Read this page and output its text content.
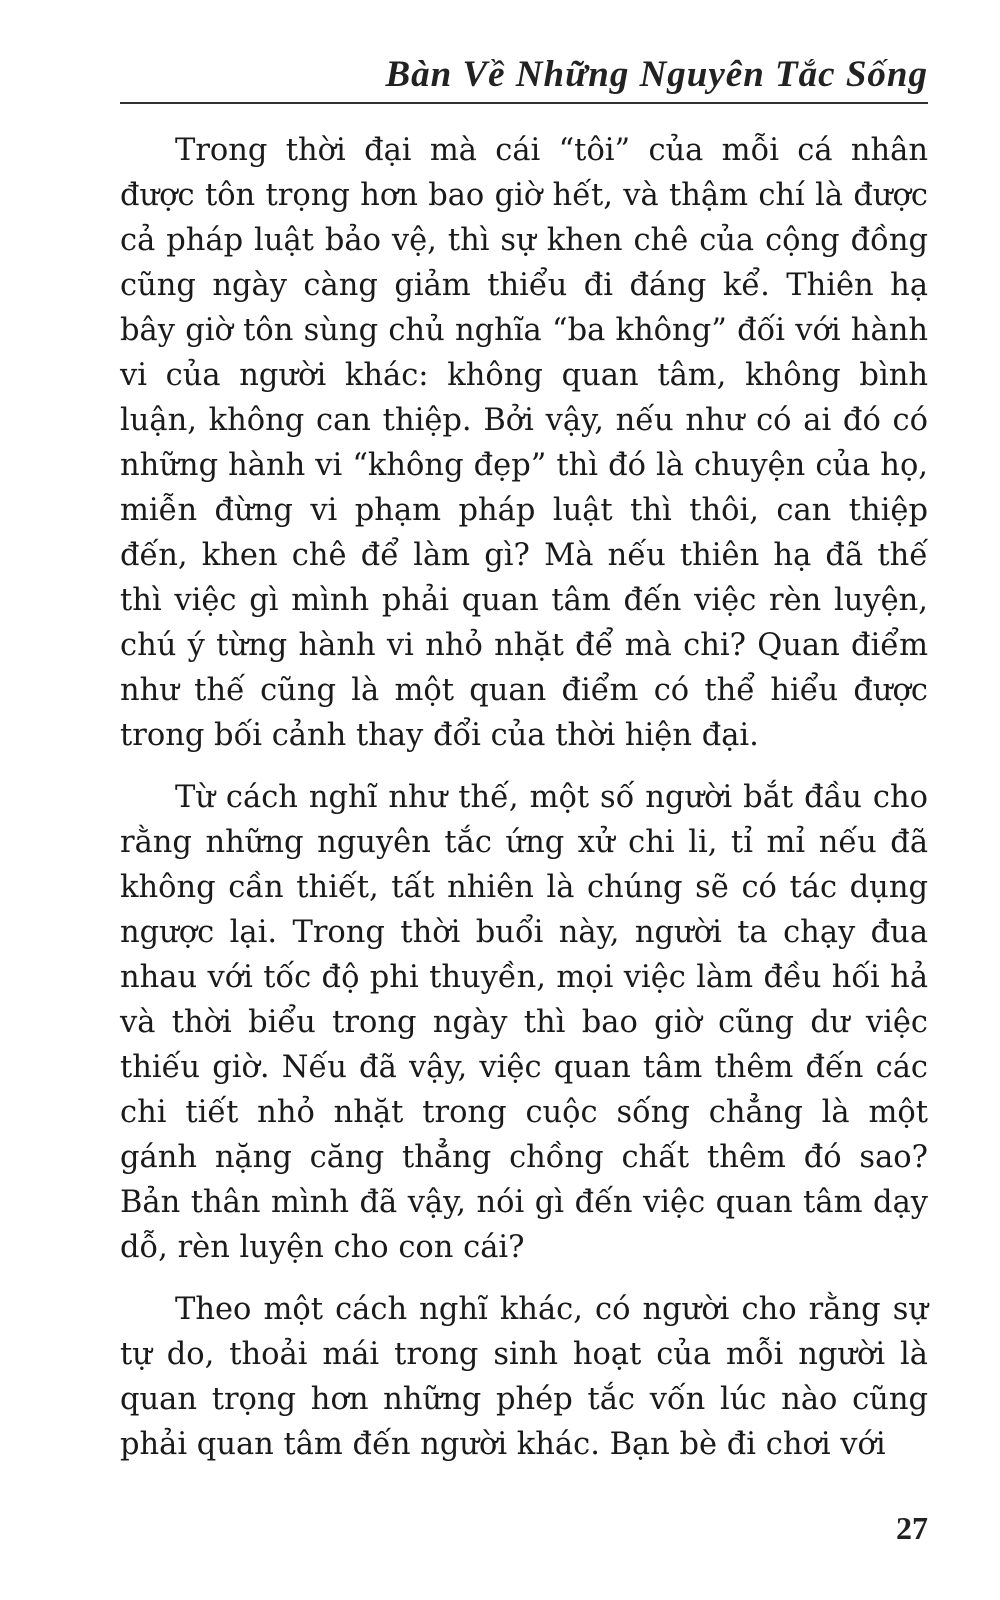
Bàn Về Những Nguyên Tắc Sống

Trong thời đại mà cái “tôi” của mỗi cá nhân được tôn trọng hơn bao giờ hết, và thậm chí là được cả pháp luật bảo vệ, thì sự khen chê của cộng đồng cũng ngày càng giảm thiểu đi đáng kể. Thiên hạ bây giờ tôn sùng chủ nghĩa “ba không” đối với hành vi của người khác: không quan tâm, không bình luận, không can thiệp. Bởi vậy, nếu như có ai đó có những hành vi “không đẹp” thì đó là chuyện của họ, miễn đừng vi phạm pháp luật thì thôi, can thiệp đến, khen chê để làm gì? Mà nếu thiên hạ đã thế thì việc gì mình phải quan tâm đến việc rèn luyện, chú ý từng hành vi nhỏ nhặt để mà chi? Quan điểm như thế cũng là một quan điểm có thể hiểu được trong bối cảnh thay đổi của thời hiện đại.

Từ cách nghĩ như thế, một số người bắt đầu cho rằng những nguyên tắc ứng xử chi li, tỉ mỉ nếu đã không cần thiết, tất nhiên là chúng sẽ có tác dụng ngược lại. Trong thời buổi này, người ta chạy đua nhau với tốc độ phi thuyền, mọi việc làm đều hối hả và thời biểu trong ngày thì bao giờ cũng dư việc thiếu giờ. Nếu đã vậy, việc quan tâm thêm đến các chi tiết nhỏ nhặt trong cuộc sống chẳng là một gánh nặng căng thẳng chồng chất thêm đó sao? Bản thân mình đã vậy, nói gì đến việc quan tâm dạy dỗ, rèn luyện cho con cái?

Theo một cách nghĩ khác, có người cho rằng sự tự do, thoải mái trong sinh hoạt của mỗi người là quan trọng hơn những phép tắc vốn lúc nào cũng phải quan tâm đến người khác. Bạn bè đi chơi với

27
